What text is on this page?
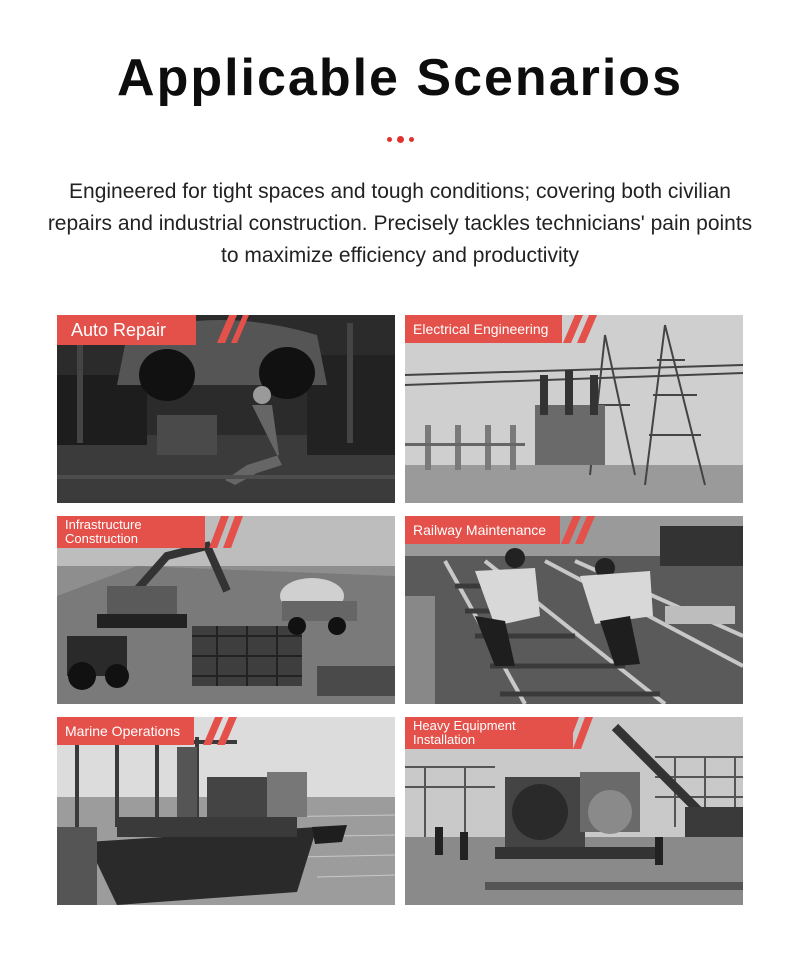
Applicable Scenarios
Engineered for tight spaces and tough conditions; covering both civilian repairs and industrial construction. Precisely tackles technicians' pain points to maximize efficiency and productivity
Auto Repair	Electrical Engineering
Infrastructure Construction
Railway Maintenance
Marine Operations	Heavy Equipment Installation
